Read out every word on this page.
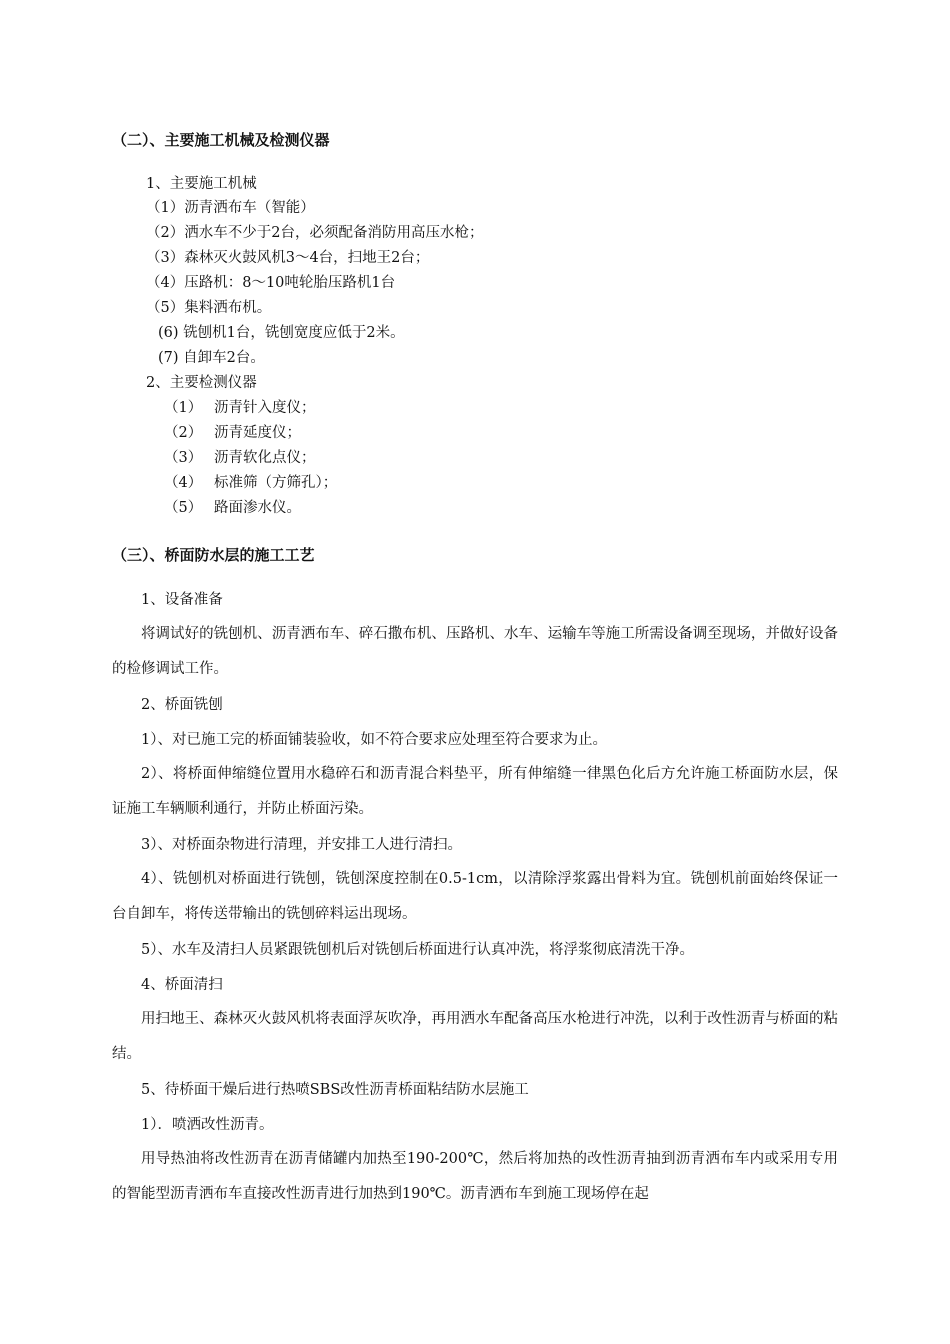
（二）、主要施工机械及检测仪器
1、主要施工机械
（1）沥青洒布车（智能）
（2）洒水车不少于2台，必须配备消防用高压水枪；
（3）森林灭火鼓风机3～4台，扫地王2台；
（4）压路机：8～10吨轮胎压路机1台
（5）集料洒布机。
(6) 铣刨机1台，铣刨宽度应低于2米。
(7) 自卸车2台。
2、主要检测仪器
（1） 沥青针入度仪；
（2） 沥青延度仪；
（3） 沥青软化点仪；
（4） 标准筛（方筛孔）；
（5） 路面渗水仪。
（三）、桥面防水层的施工工艺
1、设备准备
将调试好的铣刨机、沥青洒布车、碎石撒布机、压路机、水车、运输车等施工所需设备调至现场，并做好设备的检修调试工作。
2、桥面铣刨
1）、对已施工完的桥面铺装验收，如不符合要求应处理至符合要求为止。
2）、将桥面伸缩缝位置用水稳碎石和沥青混合料垫平，所有伸缩缝一律黑色化后方允许施工桥面防水层，保证施工车辆顺利通行，并防止桥面污染。
3）、对桥面杂物进行清理，并安排工人进行清扫。
4）、铣刨机对桥面进行铣刨，铣刨深度控制在0.5-1cm，以清除浮浆露出骨料为宜。铣刨机前面始终保证一台自卸车，将传送带输出的铣刨碎料运出现场。
5）、水车及清扫人员紧跟铣刨机后对铣刨后桥面进行认真冲洗，将浮浆彻底清洗干净。
4、桥面清扫
用扫地王、森林灭火鼓风机将表面浮灰吹净，再用洒水车配备高压水枪进行冲洗，以利于改性沥青与桥面的粘结。
5、待桥面干燥后进行热喷SBS改性沥青桥面粘结防水层施工
1）．喷洒改性沥青。
用导热油将改性沥青在沥青储罐内加热至190-200℃，然后将加热的改性沥青抽到沥青洒布车内或采用专用的智能型沥青洒布车直接改性沥青进行加热到190℃。沥青洒布车到施工现场停在起
